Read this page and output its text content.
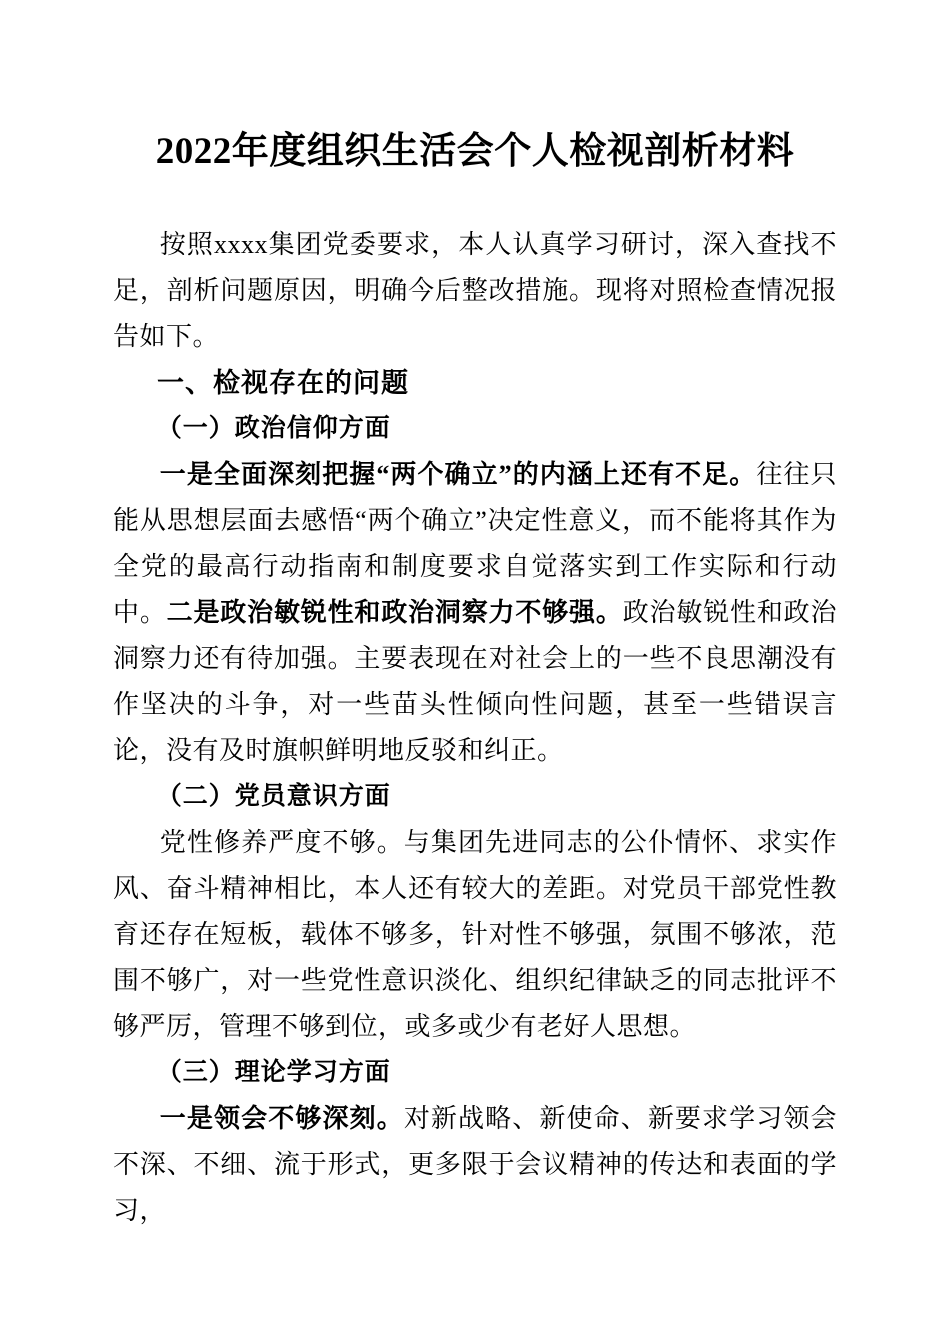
2022年度组织生活会个人检视剖析材料

按照xxxx集团党委要求，本人认真学习研讨，深入查找不足，剖析问题原因，明确今后整改措施。现将对照检查情况报告如下。

一、检视存在的问题

（一）政治信仰方面

一是全面深刻把握“两个确立”的内涵上还有不足。往往只能从思想层面去感悟“两个确立”决定性意义，而不能将其作为全党的最高行动指南和制度要求自觉落实到工作实际和行动中。二是政治敏锐性和政治洞察力不够强。政治敏锐性和政治洞察力还有待加强。主要表现在对社会上的一些不良思潮没有作坚决的斗争，对一些苗头性倾向性问题，甚至一些错误言论，没有及时旗帜鲜明地反驳和纠正。

（二）党员意识方面

党性修养严度不够。与集团先进同志的公仆情怀、求实作风、奋斗精神相比，本人还有较大的差距。对党员干部党性教育还存在短板，载体不够多，针对性不够强，氛围不够浓，范围不够广，对一些党性意识淡化、组织纪律缺乏的同志批评不够严厉，管理不够到位，或多或少有老好人思想。

（三）理论学习方面

一是领会不够深刻。对新战略、新使命、新要求学习领会不深、不细、流于形式，更多限于会议精神的传达和表面的学习，
